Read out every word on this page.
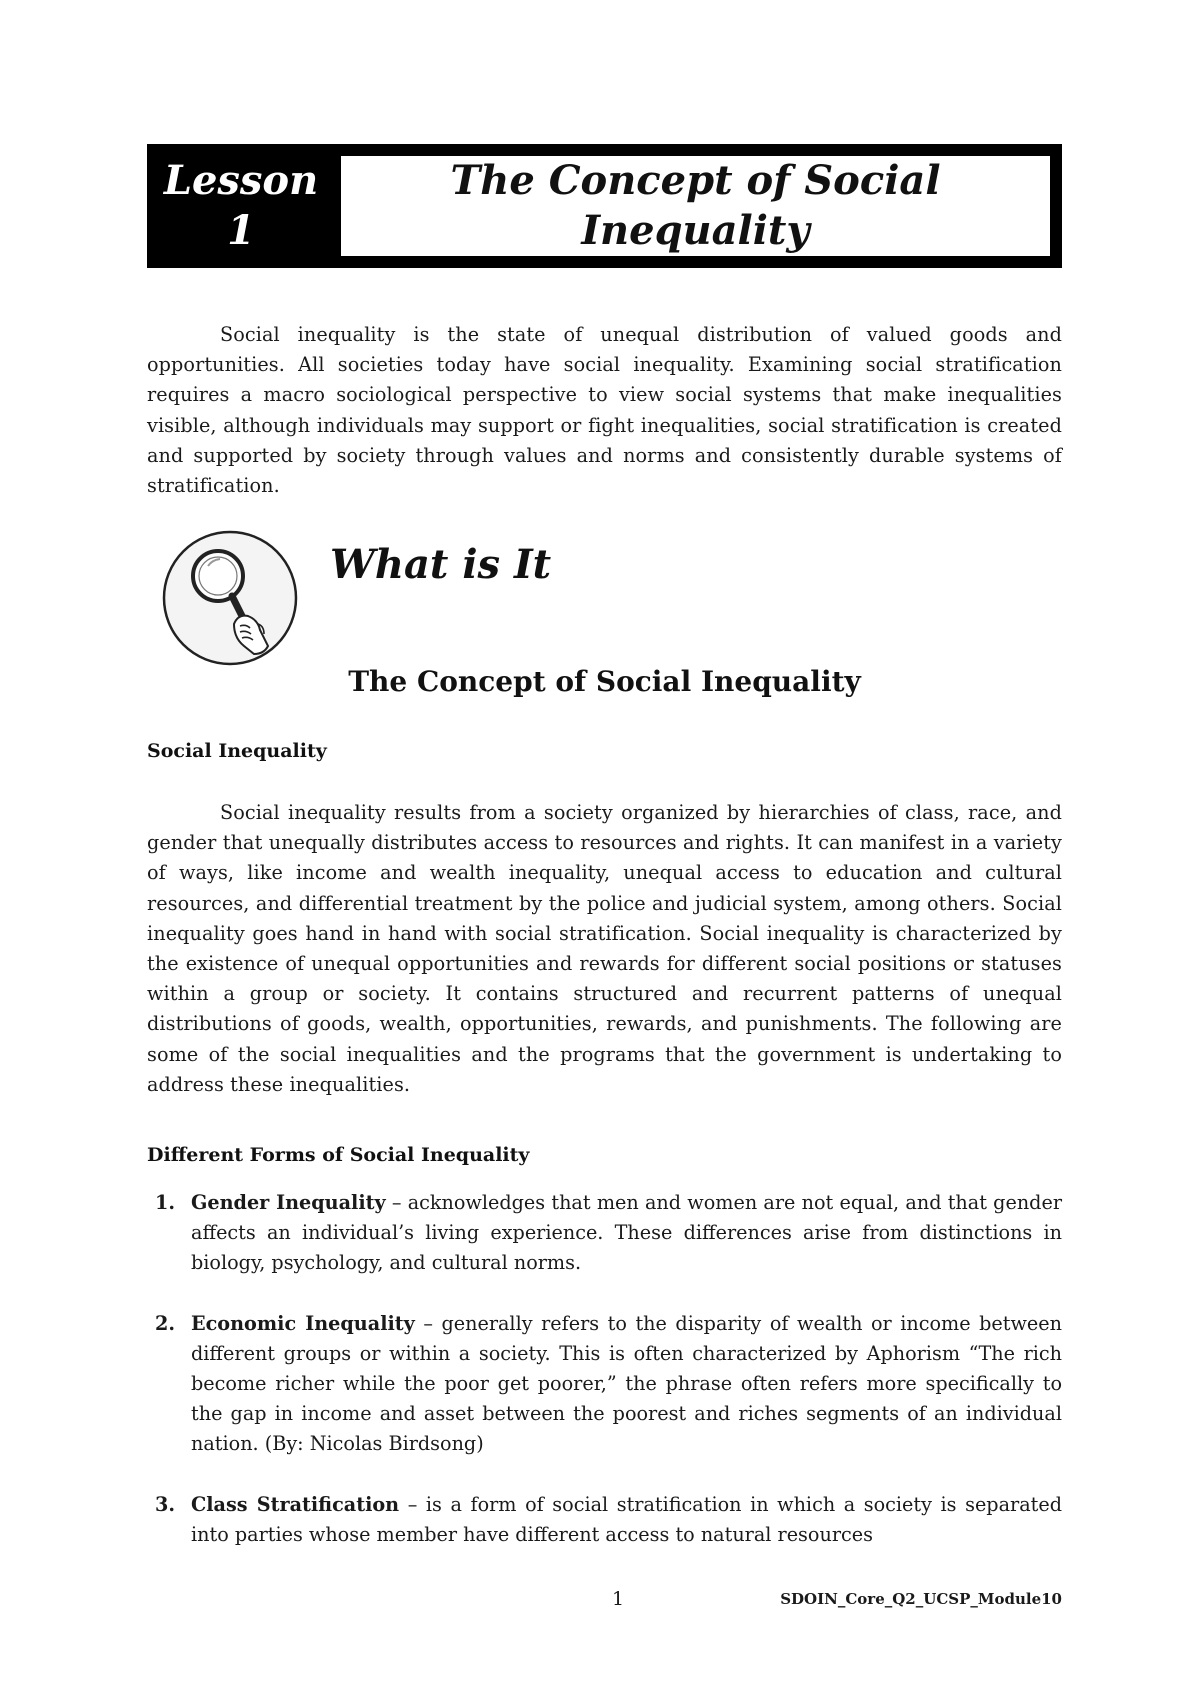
Lesson
1
The Concept of Social
Inequality

Social inequality is the state of unequal distribution of valued goods and opportunities. All societies today have social inequality. Examining social stratification requires a macro sociological perspective to view social systems that make inequalities visible, although individuals may support or fight inequalities, social stratification is created and supported by society through values and norms and consistently durable systems of stratification.

What is It
The Concept of Social Inequality
Social Inequality

Social inequality results from a society organized by hierarchies of class, race, and gender that unequally distributes access to resources and rights. It can manifest in a variety of ways, like income and wealth inequality, unequal access to education and cultural resources, and differential treatment by the police and judicial system, among others. Social inequality goes hand in hand with social stratification. Social inequality is characterized by the existence of unequal opportunities and rewards for different social positions or statuses within a group or society. It contains structured and recurrent patterns of unequal distributions of goods, wealth, opportunities, rewards, and punishments. The following are some of the social inequalities and the programs that the government is undertaking to address these inequalities.

Different Forms of Social Inequality
1. Gender Inequality – acknowledges that men and women are not equal, and that gender affects an individual’s living experience. These differences arise from distinctions in biology, psychology, and cultural norms.
2. Economic Inequality – generally refers to the disparity of wealth or income between different groups or within a society. This is often characterized by Aphorism “The rich become richer while the poor get poorer,” the phrase often refers more specifically to the gap in income and asset between the poorest and riches segments of an individual nation. (By: Nicolas Birdsong)
3. Class Stratification – is a form of social stratification in which a society is separated into parties whose member have different access to natural resources
1	SDOIN_Core_Q2_UCSP_Module10
